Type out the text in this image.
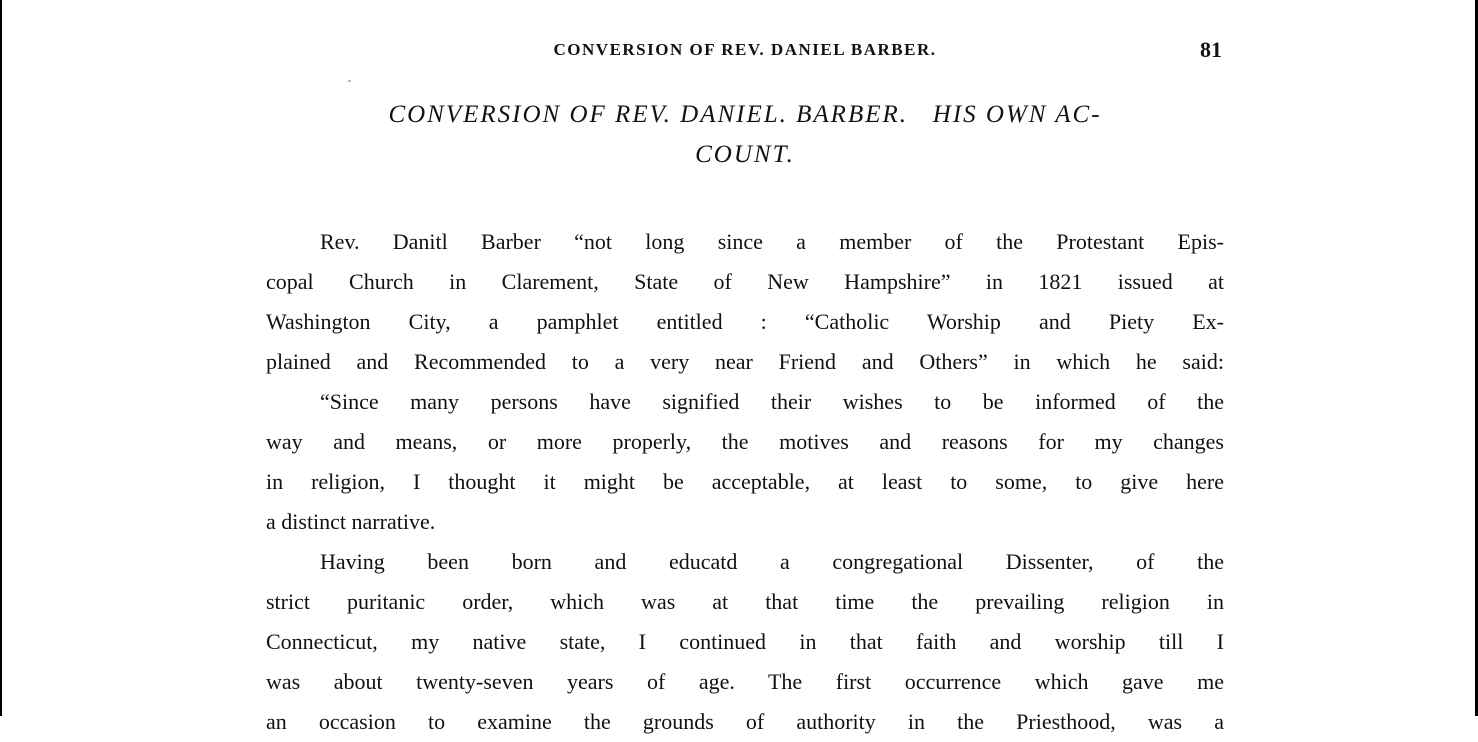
CONVERSION OF REV. DANIEL BARBER.	81
CONVERSION OF REV. DANIEL. BARBER.   HIS OWN AC-
COUNT.
Rev. Danitl Barber “not long since a member of the Protestant Epis-
copal Church in Clarement, State of New Hampshire” in 1821 issued at
Washington City, a pamphlet entitled : “Catholic Worship and Piety Ex-
plained and Recommended to a very near Friend and Others” in which he said:
“Since many persons have signified their wishes to be informed of the
way and means, or more properly, the motives and reasons for my changes
in religion, I thought it might be acceptable, at least to some, to give here
a distinct narrative.
Having been born and educatd a congregational Dissenter, of the
strict puritanic order, which was at that time the prevailing religion in
Connecticut, my native state, I continued in that faith and worship till I
was about twenty-seven years of age. The first occurrence which gave me
an occasion to examine the grounds of authority in the Priesthood, was a
